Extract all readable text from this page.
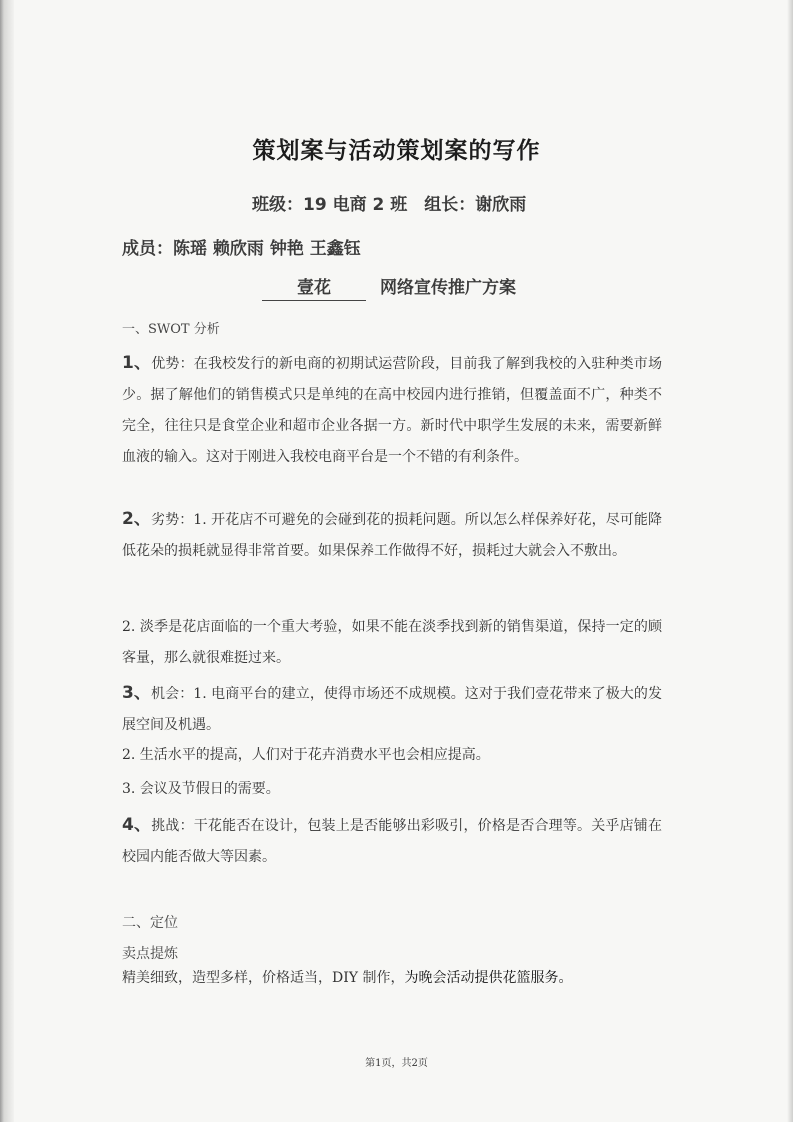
策划案与活动策划案的写作
班级：19 电商 2 班　组长：谢欣雨
成员：陈瑶 赖欣雨 钟艳 王鑫钰
壹花	网络宣传推广方案
一、SWOT 分析
1、优势：在我校发行的新电商的初期试运营阶段，目前我了解到我校的入驻种类市场少。据了解他们的销售模式只是单纯的在高中校园内进行推销，但覆盖面不广，种类不完全，往往只是食堂企业和超市企业各据一方。新时代中职学生发展的未来，需要新鲜血液的输入。这对于刚进入我校电商平台是一个不错的有利条件。
2、劣势：1. 开花店不可避免的会碰到花的损耗问题。所以怎么样保养好花，尽可能降低花朵的损耗就显得非常首要。如果保养工作做得不好，损耗过大就会入不敷出。
2. 淡季是花店面临的一个重大考验，如果不能在淡季找到新的销售渠道，保持一定的顾客量，那么就很难挺过来。
3、机会：1. 电商平台的建立，使得市场还不成规模。这对于我们壹花带来了极大的发展空间及机遇。
2. 生活水平的提高，人们对于花卉消费水平也会相应提高。
3. 会议及节假日的需要。
4、挑战：干花能否在设计，包装上是否能够出彩吸引，价格是否合理等。关乎店铺在校园内能否做大等因素。
二、定位
卖点提炼
精美细致，造型多样，价格适当，DIY 制作，为晚会活动提供花篮服务。
第1页，共2页
